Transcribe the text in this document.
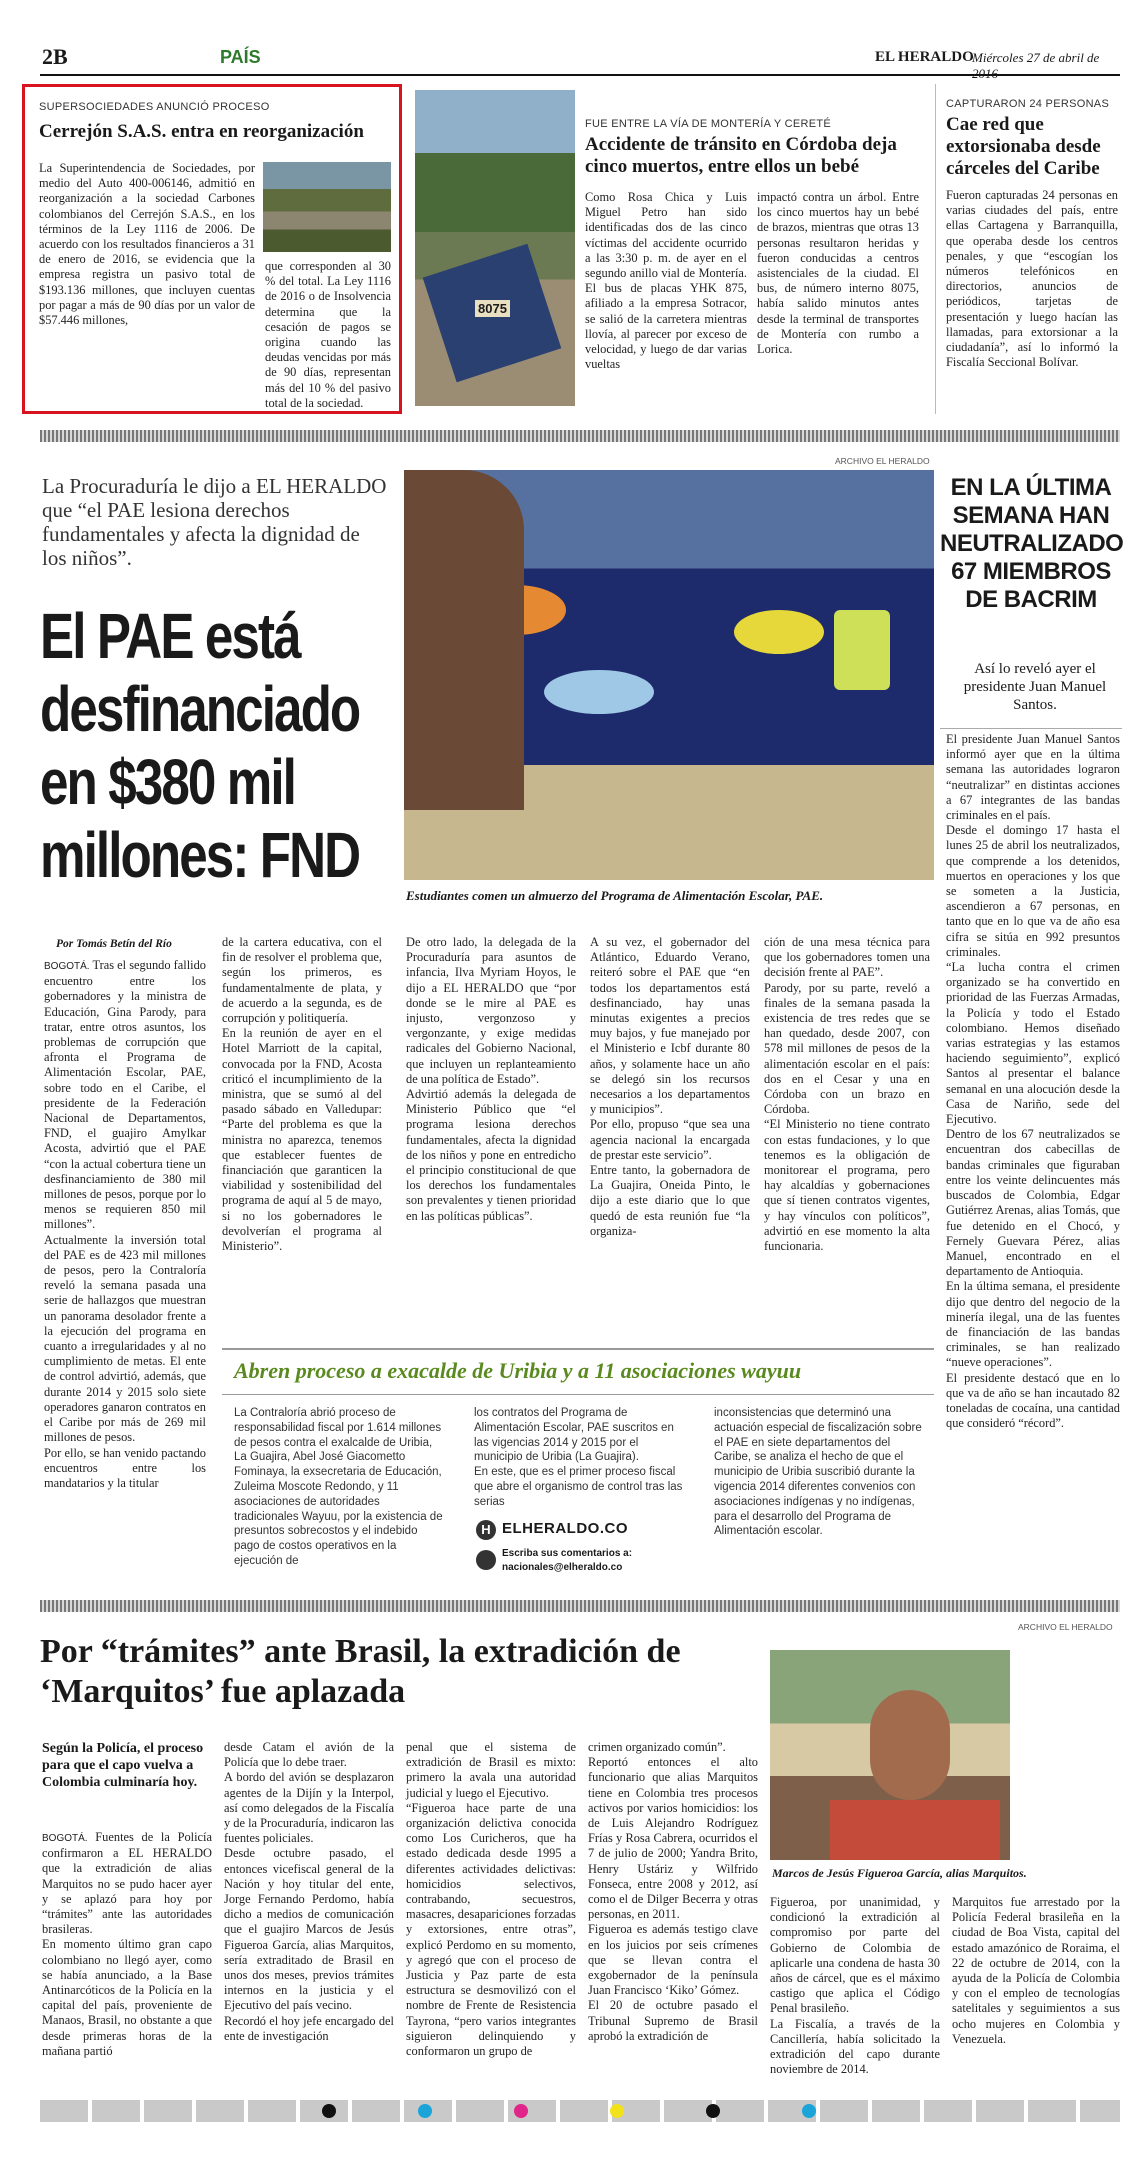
2B	PAÍS	EL HERALDO
Miércoles 27 de abril de 2016
SUPERSOCIEDADES ANUNCIÓ PROCESO
Cerrejón S.A.S. entra en reorganización
La Superintendencia de Sociedades, por medio del Auto 400-006146, admitió en reorganización a la sociedad Carbones colombianos del Cerrejón S.A.S., en los términos de la Ley 1116 de 2006. De acuerdo con los resultados financieros a 31 de enero de 2016, se evidencia que la empresa registra un pasivo total de $193.136 millones, que incluyen cuentas por pagar a más de 90 días por un valor de $57.446 millones,
que corresponden al 30 % del total. La Ley 1116 de 2016 o de Insolvencia determina que la cesación de pagos se origina cuando las deudas vencidas por más de 90 días, representan más del 10 % del pasivo total de la sociedad.
8075
FUE ENTRE LA VÍA DE MONTERÍA Y CERETÉ
Accidente de tránsito en Córdoba deja cinco muertos, entre ellos un bebé
Como Rosa Chica y Luis Miguel Petro han sido identificadas dos de las cinco víctimas del accidente ocurrido a las 3:30 p. m. de ayer en el segundo anillo vial de Montería. El bus de placas YHK 875, afiliado a la empresa Sotracor, se salió de la carretera mientras llovía, al parecer por exceso de velocidad, y luego de dar varias vueltas
impactó contra un árbol. Entre los cinco muertos hay un bebé de brazos, mientras que otras 13 personas resultaron heridas y fueron conducidas a centros asistenciales de la ciudad. El bus, de número interno 8075, había salido minutos antes desde la terminal de transportes de Montería con rumbo a Lorica.
CAPTURARON 24 PERSONAS
Cae red que extorsionaba desde cárceles del Caribe
Fueron capturadas 24 personas en varias ciudades del país, entre ellas Cartagena y Barranquilla, que operaba desde los centros penales, y que “escogían los números telefónicos en directorios, anuncios de periódicos, tarjetas de presentación y luego hacían las llamadas, para extorsionar a la ciudadanía”, así lo informó la Fiscalía Seccional Bolívar.
ARCHIVO EL HERALDO
La Procuraduría le dijo a EL HERALDO que “el PAE lesiona derechos fundamentales y afecta la dignidad de los niños”.
El PAE está desfinanciado en $380 mil millones: FND
Estudiantes comen un almuerzo del Programa de Alimentación Escolar, PAE.
Por Tomás Betín del Río
BOGOTÁ. Tras el segundo fallido encuentro entre los gobernadores y la ministra de Educación, Gina Parody, para tratar, entre otros asuntos, los problemas de corrupción que afronta el Programa de Alimentación Escolar, PAE, sobre todo en el Caribe, el presidente de la Federación Nacional de Departamentos, FND, el guajiro Amylkar Acosta, advirtió que el PAE “con la actual cobertura tiene un desfinanciamiento de 380 mil millones de pesos, porque por lo menos se requieren 850 mil millones”.
Actualmente la inversión total del PAE es de 423 mil millones de pesos, pero la Contraloría reveló la semana pasada una serie de hallazgos que muestran un panorama desolador frente a la ejecución del programa en cuanto a irregularidades y al no cumplimiento de metas. El ente de control advirtió, además, que durante 2014 y 2015 solo siete operadores ganaron contratos en el Caribe por más de 269 mil millones de pesos.
Por ello, se han venido pactando encuentros entre los mandatarios y la titular
de la cartera educativa, con el fin de resolver el problema que, según los primeros, es fundamentalmente de plata, y de acuerdo a la segunda, es de corrupción y politiquería.
En la reunión de ayer en el Hotel Marriott de la capital, convocada por la FND, Acosta criticó el incumplimiento de la ministra, que se sumó al del pasado sábado en Valledupar: “Parte del problema es que la ministra no aparezca, tenemos que establecer fuentes de financiación que garanticen la viabilidad y sostenibilidad del programa de aquí al 5 de mayo, si no los gobernadores le devolverían el programa al Ministerio”.
De otro lado, la delegada de la Procuraduría para asuntos de infancia, Ilva Myriam Hoyos, le dijo a EL HERALDO que “por donde se le mire al PAE es injusto, vergonzoso y vergonzante, y exige medidas radicales del Gobierno Nacional, que incluyen un replanteamiento de una política de Estado”.
Advirtió además la delegada de Ministerio Público que “el programa lesiona derechos fundamentales, afecta la dignidad de los niños y pone en entredicho el principio constitucional de que los derechos los fundamentales son prevalentes y tienen prioridad en las políticas públicas”.
A su vez, el gobernador del Atlántico, Eduardo Verano, reiteró sobre el PAE que “en todos los departamentos está desfinanciado, hay unas minutas exigentes a precios muy bajos, y fue manejado por el Ministerio e Icbf durante 80 años, y solamente hace un año se delegó sin los recursos necesarios a los departamentos y municipios”.
Por ello, propuso “que sea una agencia nacional la encargada de prestar este servicio”.
Entre tanto, la gobernadora de La Guajira, Oneida Pinto, le dijo a este diario que lo que quedó de esta reunión fue “la organiza-
ción de una mesa técnica para que los gobernadores tomen una decisión frente al PAE”.
Parody, por su parte, reveló a finales de la semana pasada la existencia de tres redes que se han quedado, desde 2007, con 578 mil millones de pesos de la alimentación escolar en el país: dos en el Cesar y una en Córdoba con un brazo en Córdoba.
“El Ministerio no tiene contrato con estas fundaciones, y lo que tenemos es la obligación de monitorear el programa, pero hay alcaldías y gobernaciones que sí tienen contratos vigentes, y hay vínculos con políticos”, advirtió en ese momento la alta funcionaria.
Abren proceso a exacalde de Uribia y a 11 asociaciones wayuu
La Contraloría abrió proceso de responsabilidad fiscal por 1.614 millones de pesos contra el exalcalde de Uribia, La Guajira, Abel José Giacometto Fominaya, la exsecretaria de Educación, Zuleima Moscote Redondo, y 11 asociaciones de autoridades tradicionales Wayuu, por la existencia de presuntos sobrecostos y el indebido pago de costos operativos en la ejecución de
los contratos del Programa de Alimentación Escolar, PAE suscritos en las vigencias 2014 y 2015 por el municipio de Uribia (La Guajira).
En este, que es el primer proceso fiscal que abre el organismo de control tras las serias
H ELHERALDO.CO
Escriba sus comentarios a:
nacionales@elheraldo.co
inconsistencias que determinó una actuación especial de fiscalización sobre el PAE en siete departamentos del Caribe, se analiza el hecho de que el municipio de Uribia suscribió durante la vigencia 2014 diferentes convenios con asociaciones indígenas y no indígenas, para el desarrollo del Programa de Alimentación escolar.
EN LA ÚLTIMA SEMANA HAN NEUTRALIZADO 67 MIEMBROS DE BACRIM
Así lo reveló ayer el presidente Juan Manuel Santos.
El presidente Juan Manuel Santos informó ayer que en la última semana las autoridades lograron “neutralizar” en distintas acciones a 67 integrantes de las bandas criminales en el país.
Desde el domingo 17 hasta el lunes 25 de abril los neutralizados, que comprende a los detenidos, muertos en operaciones y los que se someten a la Justicia, ascendieron a 67 personas, en tanto que en lo que va de año esa cifra se sitúa en 992 presuntos criminales.
“La lucha contra el crimen organizado se ha convertido en prioridad de las Fuerzas Armadas, la Policía y todo el Estado colombiano. Hemos diseñado varias estrategias y las estamos haciendo seguimiento”, explicó Santos al presentar el balance semanal en una alocución desde la Casa de Nariño, sede del Ejecutivo.
Dentro de los 67 neutralizados se encuentran dos cabecillas de bandas criminales que figuraban entre los veinte delincuentes más buscados de Colombia, Edgar Gutiérrez Arenas, alias Tomás, que fue detenido en el Chocó, y Fernely Guevara Pérez, alias Manuel, encontrado en el departamento de Antioquia.
En la última semana, el presidente dijo que dentro del negocio de la minería ilegal, una de las fuentes de financiación de las bandas criminales, se han realizado “nueve operaciones”.
El presidente destacó que en lo que va de año se han incautado 82 toneladas de cocaína, una cantidad que consideró “récord”.
ARCHIVO EL HERALDO
Por “trámites” ante Brasil, la extradición de ‘Marquitos’ fue aplazada
Marcos de Jesús Figueroa García, alias Marquitos.
Según la Policía, el proceso para que el capo vuelva a Colombia culminaría hoy.
BOGOTÁ. Fuentes de la Policía confirmaron a EL HERALDO que la extradición de alias Marquitos no se pudo hacer ayer y se aplazó para hoy por “trámites” ante las autoridades brasileras.
En momento último gran capo colombiano no llegó ayer, como se había anunciado, a la Base Antinarcóticos de la Policía en la capital del país, proveniente de Manaos, Brasil, no obstante a que desde primeras horas de la mañana partió
desde Catam el avión de la Policía que lo debe traer.
A bordo del avión se desplazaron agentes de la Dijín y la Interpol, así como delegados de la Fiscalía y de la Procuraduría, indicaron las fuentes policiales.
Desde octubre pasado, el entonces vicefiscal general de la Nación y hoy titular del ente, Jorge Fernando Perdomo, había dicho a medios de comunicación que el guajiro Marcos de Jesús Figueroa García, alias Marquitos, sería extraditado de Brasil en unos dos meses, previos trámites internos en la justicia y el Ejecutivo del país vecino.
Recordó el hoy jefe encargado del ente de investigación
penal que el sistema de extradición de Brasil es mixto: primero la avala una autoridad judicial y luego el Ejecutivo.
“Figueroa hace parte de una organización delictiva conocida como Los Curicheros, que ha estado dedicada desde 1995 a diferentes actividades delictivas: homicidios selectivos, contrabando, secuestros, masacres, desapariciones forzadas y extorsiones, entre otras”, explicó Perdomo en su momento, y agregó que con el proceso de Justicia y Paz parte de esta estructura se desmovilizó con el nombre de Frente de Resistencia Tayrona, “pero varios integrantes siguieron delinquiendo y conformaron un grupo de
crimen organizado común”.
Reportó entonces el alto funcionario que alias Marquitos tiene en Colombia tres procesos activos por varios homicidios: los de Luis Alejandro Rodríguez Frías y Rosa Cabrera, ocurridos el 7 de julio de 2000; Yandra Brito, Henry Ustáriz y Wilfrido Fonseca, entre 2008 y 2012, así como el de Dilger Becerra y otras personas, en 2011.
Figueroa es además testigo clave en los juicios por seis crímenes que se llevan contra el exgobernador de la península Juan Francisco ‘Kiko’ Gómez.
El 20 de octubre pasado el Tribunal Supremo de Brasil aprobó la extradición de
Figueroa, por unanimidad, y condicionó la extradición al compromiso por parte del Gobierno de Colombia de aplicarle una condena de hasta 30 años de cárcel, que es el máximo castigo que aplica el Código Penal brasileño.
La Fiscalía, a través de la Cancillería, había solicitado la extradición del capo durante noviembre de 2014.
Marquitos fue arrestado por la Policía Federal brasileña en la ciudad de Boa Vista, capital del estado amazónico de Roraima, el 22 de octubre de 2014, con la ayuda de la Policía de Colombia y con el empleo de tecnologías satelitales y seguimientos a sus ocho mujeres en Colombia y Venezuela.
